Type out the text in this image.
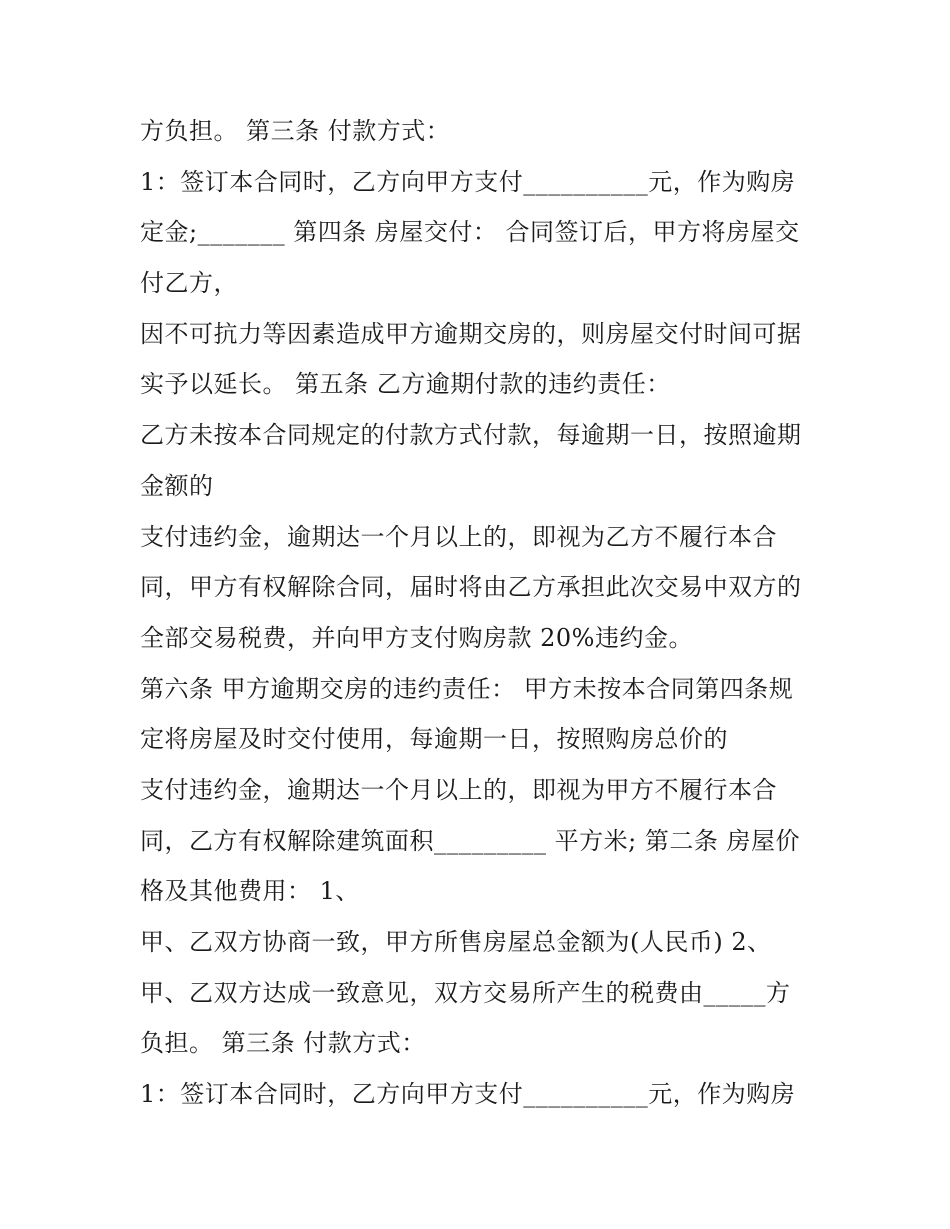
方负担。 第三条 付款方式：
1：签订本合同时，乙方向甲方支付__________元，作为购房
定金;_______ 第四条 房屋交付： 合同签订后，甲方将房屋交
付乙方，
因不可抗力等因素造成甲方逾期交房的，则房屋交付时间可据
实予以延长。 第五条 乙方逾期付款的违约责任：
乙方未按本合同规定的付款方式付款，每逾期一日，按照逾期
金额的
支付违约金，逾期达一个月以上的，即视为乙方不履行本合
同，甲方有权解除合同，届时将由乙方承担此次交易中双方的
全部交易税费，并向甲方支付购房款 20%违约金。
第六条 甲方逾期交房的违约责任： 甲方未按本合同第四条规
定将房屋及时交付使用，每逾期一日，按照购房总价的
支付违约金，逾期达一个月以上的，即视为甲方不履行本合
同，乙方有权解除建筑面积_________ 平方米; 第二条 房屋价
格及其他费用： 1、
甲、乙双方协商一致，甲方所售房屋总金额为(人民币) 2、
甲、乙双方达成一致意见，双方交易所产生的税费由_____方
负担。 第三条 付款方式：
1：签订本合同时，乙方向甲方支付__________元，作为购房
